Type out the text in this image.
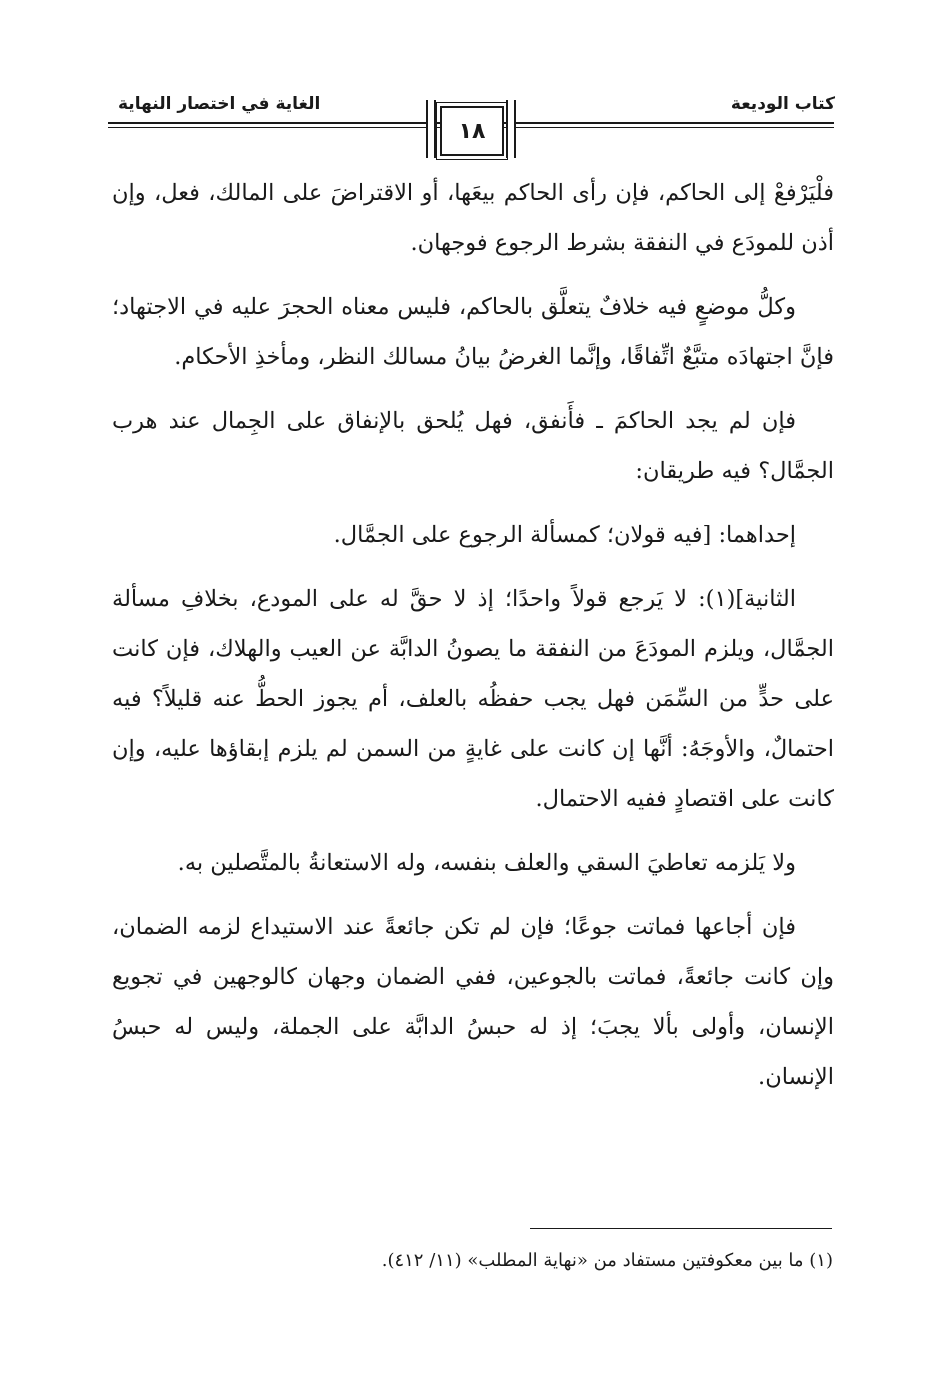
كتاب الوديعة
الغاية في اختصار النهاية
١٨

فلْيَرْفعْ إلى الحاكم، فإن رأى الحاكم بيعَها، أو الاقتراضَ على المالك، فعل، وإن أذن للمودَع في النفقة بشرط الرجوع فوجهان.

وكلُّ موضعٍ فيه خلافٌ يتعلَّق بالحاكم، فليس معناه الحجرَ عليه في الاجتهاد؛ فإنَّ اجتهادَه متبَّعٌ اتِّفاقًا، وإنَّما الغرضُ بيانُ مسالك النظر، ومأخذِ الأحكام.

فإن لم يجد الحاكمَ ـ فأَنفق، فهل يُلحق بالإنفاق على الجِمال عند هرب الجمَّال؟ فيه طريقان:

إحداهما: [فيه قولان؛ كمسألة الرجوع على الجمَّال.

الثانية](١): لا يَرجع قولاً واحدًا؛ إذ لا حقَّ له على المودع، بخلافِ مسألة الجمَّال، ويلزم المودَعَ من النفقة ما يصونُ الدابَّة عن العيب والهلاك، فإن كانت على حدٍّ من السِّمَن فهل يجب حفظُه بالعلف، أم يجوز الحطُّ عنه قليلاً؟ فيه احتمالٌ، والأوجَهُ: أنَّها إن كانت على غايةٍ من السمن لم يلزم إبقاؤها عليه، وإن كانت على اقتصادٍ ففيه الاحتمال.

ولا يَلزمه تعاطيَ السقي والعلف بنفسه، وله الاستعانةُ بالمتَّصلين به.

فإن أجاعها فماتت جوعًا؛ فإن لم تكن جائعةً عند الاستيداع لزمه الضمان، وإن كانت جائعةً، فماتت بالجوعين، ففي الضمان وجهان كالوجهين في تجويع الإنسان، وأولى بألا يجبَ؛ إذ له حبسُ الدابَّة على الجملة، وليس له حبسُ الإنسان.

(١) ما بين معكوفتين مستفاد من «نهاية المطلب» (١١/ ٤١٢).
